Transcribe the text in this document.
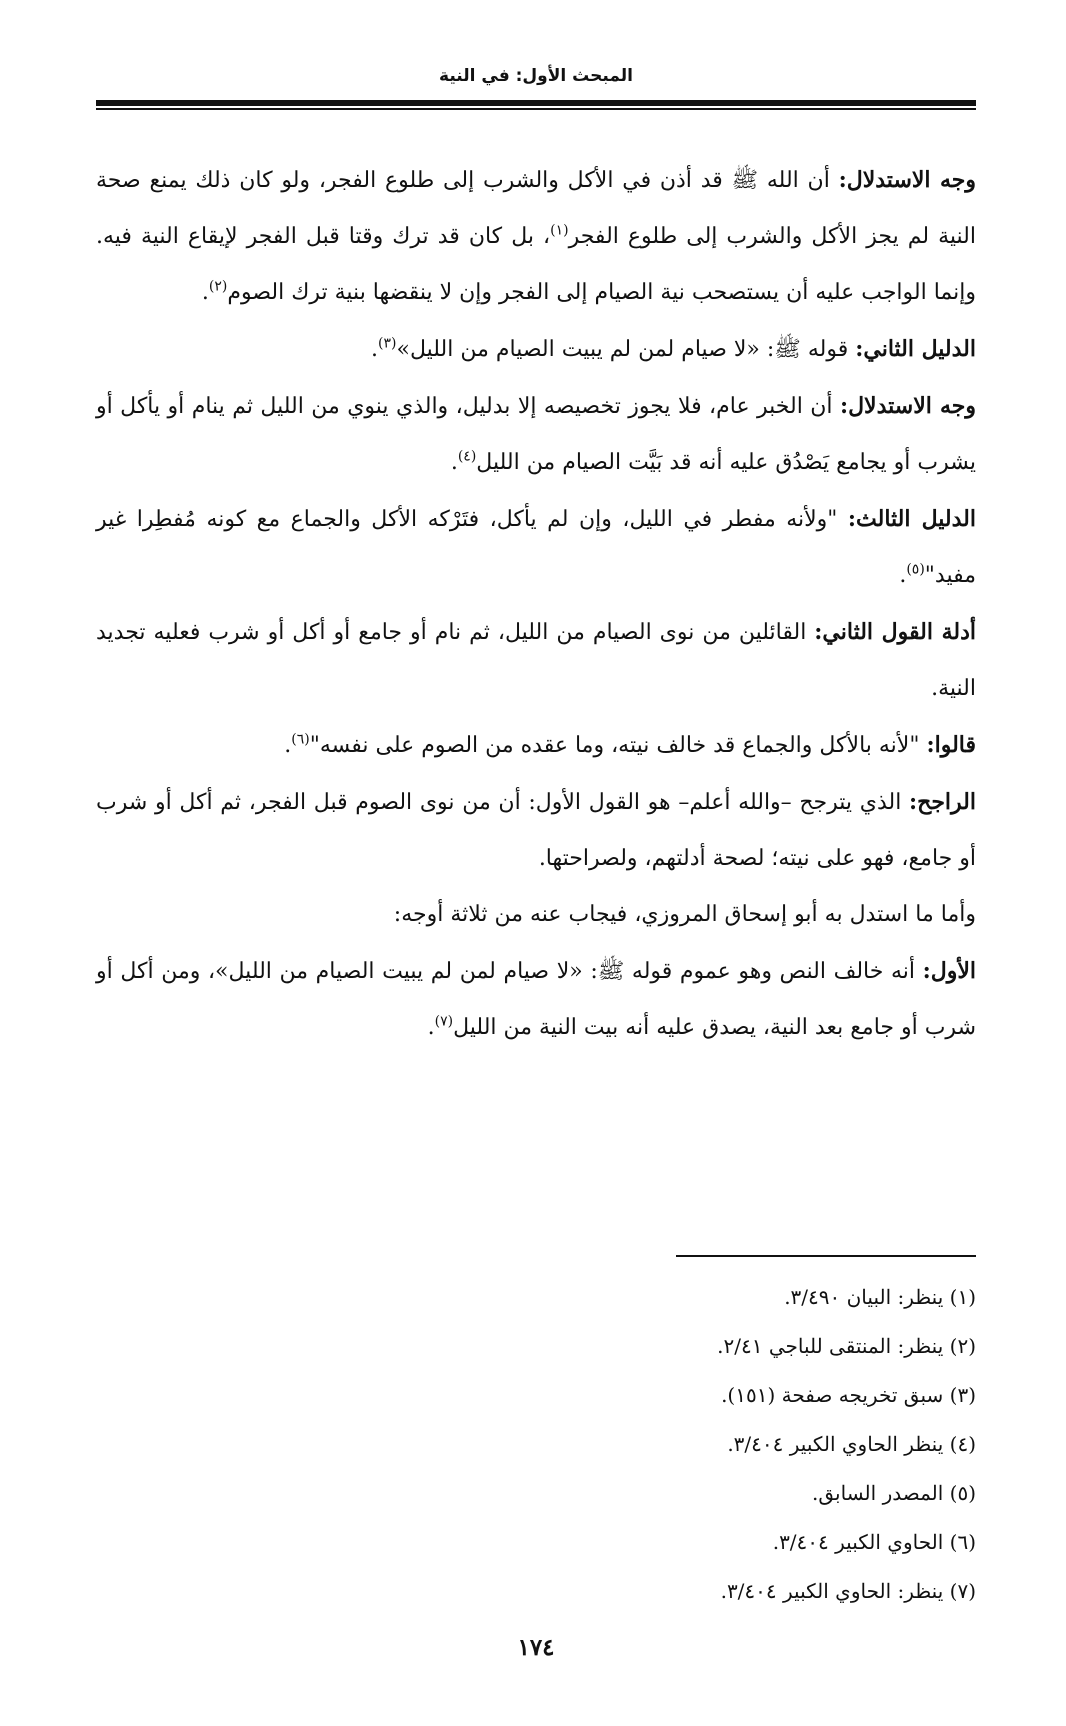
المبحث الأول: في النية

وجه الاستدلال: أن الله ﷺ قد أذن في الأكل والشرب إلى طلوع الفجر، ولو كان ذلك يمنع صحة النية لم يجز الأكل والشرب إلى طلوع الفجر$^{(١)}$، بل كان قد ترك وقتا قبل الفجر لإيقاع النية فيه. وإنما الواجب عليه أن يستصحب نية الصيام إلى الفجر وإن لا ينقضها بنية ترك الصوم$^{(٢)}$.

الدليل الثاني: قوله ﷺ: «لا صيام لمن لم يبيت الصيام من الليل»$^{(٣)}$.

وجه الاستدلال: أن الخبر عام، فلا يجوز تخصيصه إلا بدليل، والذي ينوي من الليل ثم ينام أو يأكل أو يشرب أو يجامع يَصْدُق عليه أنه قد بَيَّت الصيام من الليل$^{(٤)}$.

الدليل الثالث: "ولأنه مفطر في الليل، وإن لم يأكل، فتَرْكه الأكل والجماع مع كونه مُفطِرا غير مفيد"$^{(٥)}$.

أدلة القول الثاني: القائلين من نوى الصيام من الليل، ثم نام أو جامع أو أكل أو شرب فعليه تجديد النية.

قالوا: "لأنه بالأكل والجماع قد خالف نيته، وما عقده من الصوم على نفسه"$^{(٦)}$.

الراجح: الذي يترجح –والله أعلم– هو القول الأول: أن من نوى الصوم قبل الفجر، ثم أكل أو شرب أو جامع، فهو على نيته؛ لصحة أدلتهم، ولصراحتها.

وأما ما استدل به أبو إسحاق المروزي، فيجاب عنه من ثلاثة أوجه:

الأول: أنه خالف النص وهو عموم قوله ﷺ: «لا صيام لمن لم يبيت الصيام من الليل»، ومن أكل أو شرب أو جامع بعد النية، يصدق عليه أنه بيت النية من الليل$^{(٧)}$.

(١) ينظر: البيان ٣/٤٩٠.

(٢) ينظر: المنتقى للباجي ٢/٤١.

(٣) سبق تخريجه صفحة (١٥١).

(٤) ينظر الحاوي الكبير ٣/٤٠٤.

(٥) المصدر السابق.

(٦) الحاوي الكبير ٣/٤٠٤.

(٧) ينظر: الحاوي الكبير ٣/٤٠٤.

١٧٤
